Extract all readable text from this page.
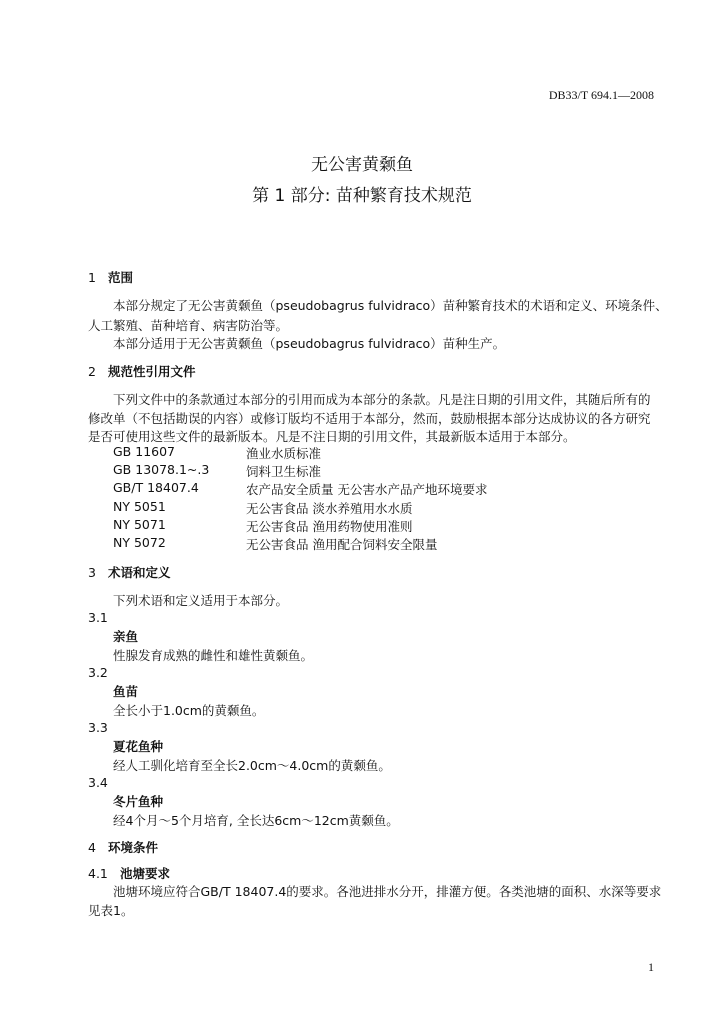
DB33/T 694.1—2008
无公害黄颡鱼
第 1 部分: 苗种繁育技术规范
1 范围
本部分规定了无公害黄颡鱼（pseudobagrus fulvidraco）苗种繁育技术的术语和定义、环境条件、
人工繁殖、苗种培育、病害防治等。
本部分适用于无公害黄颡鱼（pseudobagrus fulvidraco）苗种生产。
2 规范性引用文件
下列文件中的条款通过本部分的引用而成为本部分的条款。凡是注日期的引用文件，其随后所有的
修改单（不包括勘误的内容）或修订版均不适用于本部分，然而，鼓励根据本部分达成协议的各方研究
是否可使用这些文件的最新版本。凡是不注日期的引用文件，其最新版本适用于本部分。
GB 11607	渔业水质标准
GB 13078.1~.3	饲料卫生标准
GB/T 18407.4	农产品安全质量 无公害水产品产地环境要求
NY 5051	无公害食品 淡水养殖用水水质
NY 5071	无公害食品 渔用药物使用准则
NY 5072	无公害食品 渔用配合饲料安全限量
3 术语和定义
下列术语和定义适用于本部分。
3.1
亲鱼
性腺发育成熟的雌性和雄性黄颡鱼。
3.2
鱼苗
全长小于1.0cm的黄颡鱼。
3.3
夏花鱼种
经人工驯化培育至全长2.0cm～4.0cm的黄颡鱼。
3.4
冬片鱼种
经4个月～5个月培育, 全长达6cm～12cm黄颡鱼。
4 环境条件
4.1 池塘要求
池塘环境应符合GB/T 18407.4的要求。各池进排水分开，排灌方便。各类池塘的面积、水深等要求
见表1。
1
